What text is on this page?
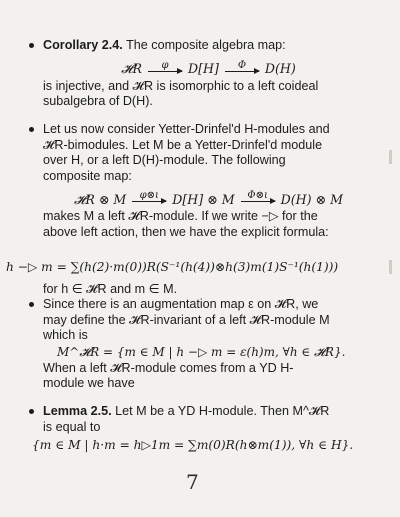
Corollary 2.4. The composite algebra map:
𝓗R φ D[H] Φ D(H)
is injective, and 𝓗R is isomorphic to a left coideal
subalgebra of D(H).
Let us now consider Yetter-Drinfel'd H-modules and
𝓗R-bimodules. Let M be a Yetter-Drinfel'd module
over H, or a left D(H)-module. The following
composite map:
𝓗R ⊗ M φ⊗ι D[H] ⊗ M Φ⊗ι D(H) ⊗ M
makes M a left 𝓗R-module. If we write −▷ for the
above left action, then we have the explicit formula:
h −▷ m = ∑(h(2)·m(0))R(S⁻¹(h(4))⊗h(3)m(1)S⁻¹(h(1)))
for h ∈ 𝓗R and m ∈ M.
Since there is an augmentation map ε on 𝓗R, we
may define the 𝓗R-invariant of a left 𝓗R-module M
which is
M^𝓗R = {m ∈ M | h −▷ m = ε(h)m, ∀h ∈ 𝓗R}.
When a left 𝓗R-module comes from a YD H-
module we have
Lemma 2.5. Let M be a YD H-module. Then M^𝓗R
is equal to
{m ∈ M | h·m = h▷1m = ∑m(0)R(h⊗m(1)), ∀h ∈ H}.
7
